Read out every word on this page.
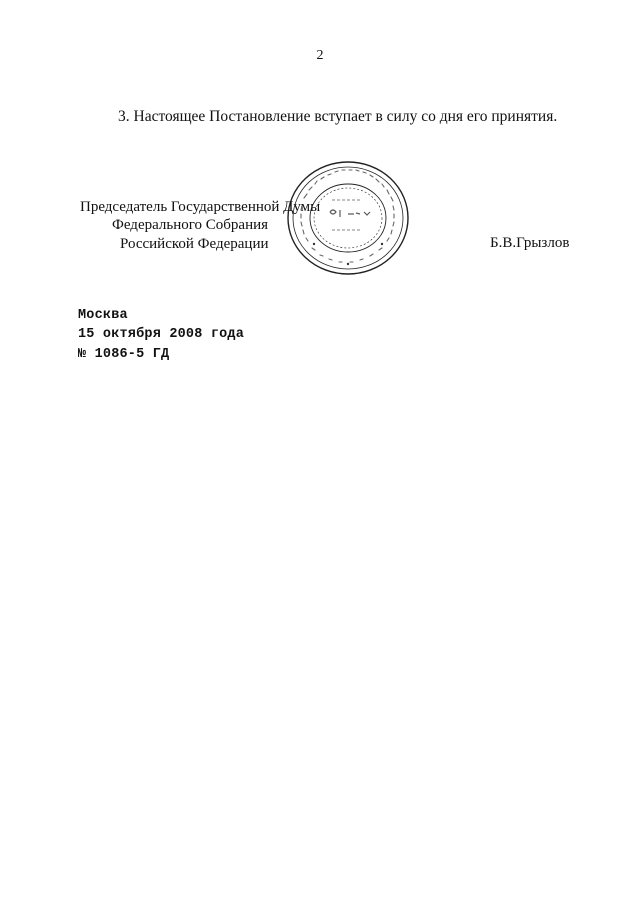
2
3. Настоящее Постановление вступает в силу со дня его принятия.
Председатель Государственной Думы
Федерального Собрания
Российской Федерации	Б.В.Грызлов
Москва
15 октября 2008 года
№ 1086-5 ГД
